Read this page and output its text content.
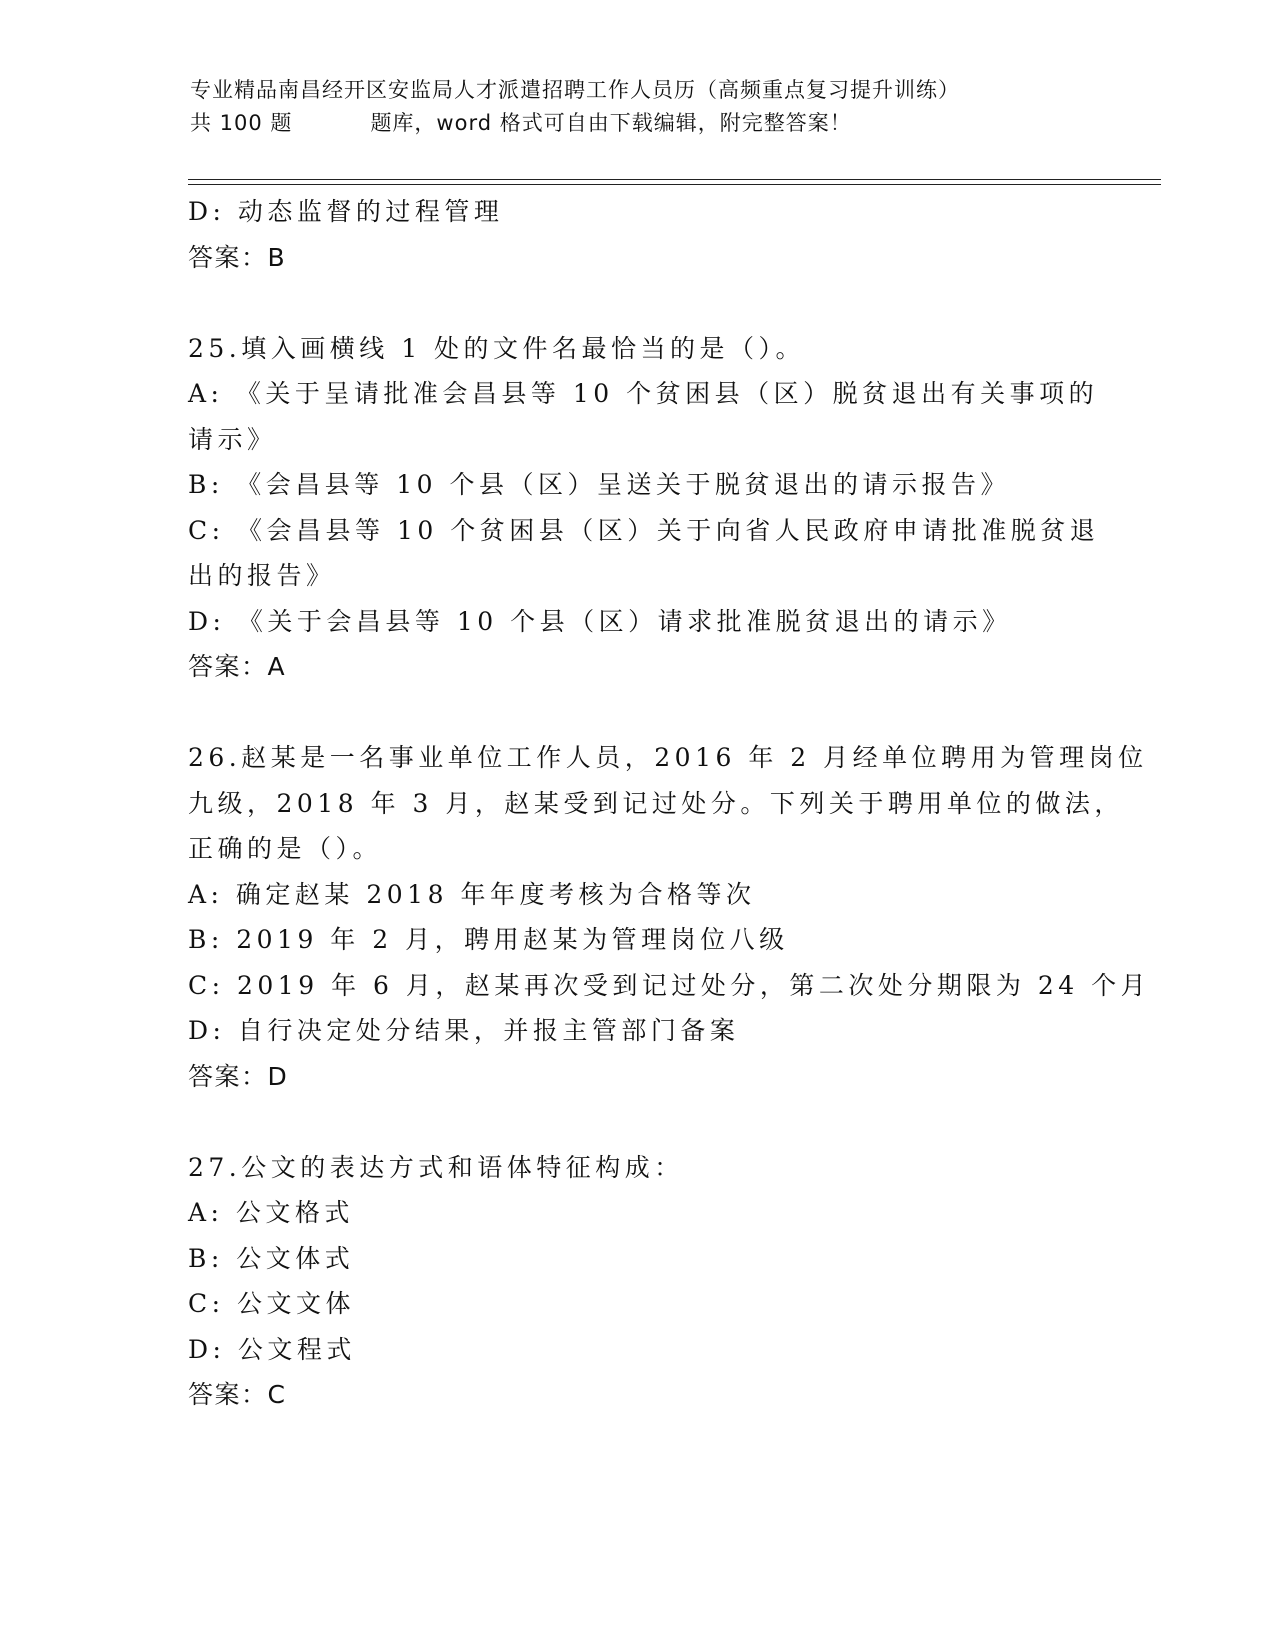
专业精品南昌经开区安监局人才派遣招聘工作人员历（高频重点复习提升训练）
共 100 题	题库，word 格式可自由下载编辑，附完整答案！
D: 动态监督的过程管理
答案：B
25.填入画横线 1 处的文件名最恰当的是（）。
A: 《关于呈请批准会昌县等 10 个贫困县（区）脱贫退出有关事项的
请示》
B: 《会昌县等 10 个县（区）呈送关于脱贫退出的请示报告》
C: 《会昌县等 10 个贫困县（区）关于向省人民政府申请批准脱贫退
出的报告》
D: 《关于会昌县等 10 个县（区）请求批准脱贫退出的请示》
答案：A
26.赵某是一名事业单位工作人员，2016 年 2 月经单位聘用为管理岗位
九级，2018 年 3 月，赵某受到记过处分。下列关于聘用单位的做法，
正确的是（）。
A: 确定赵某 2018 年年度考核为合格等次
B: 2019 年 2 月，聘用赵某为管理岗位八级
C: 2019 年 6 月，赵某再次受到记过处分，第二次处分期限为 24 个月
D: 自行决定处分结果，并报主管部门备案
答案：D
27.公文的表达方式和语体特征构成：
A: 公文格式
B: 公文体式
C: 公文文体
D: 公文程式
答案：C
